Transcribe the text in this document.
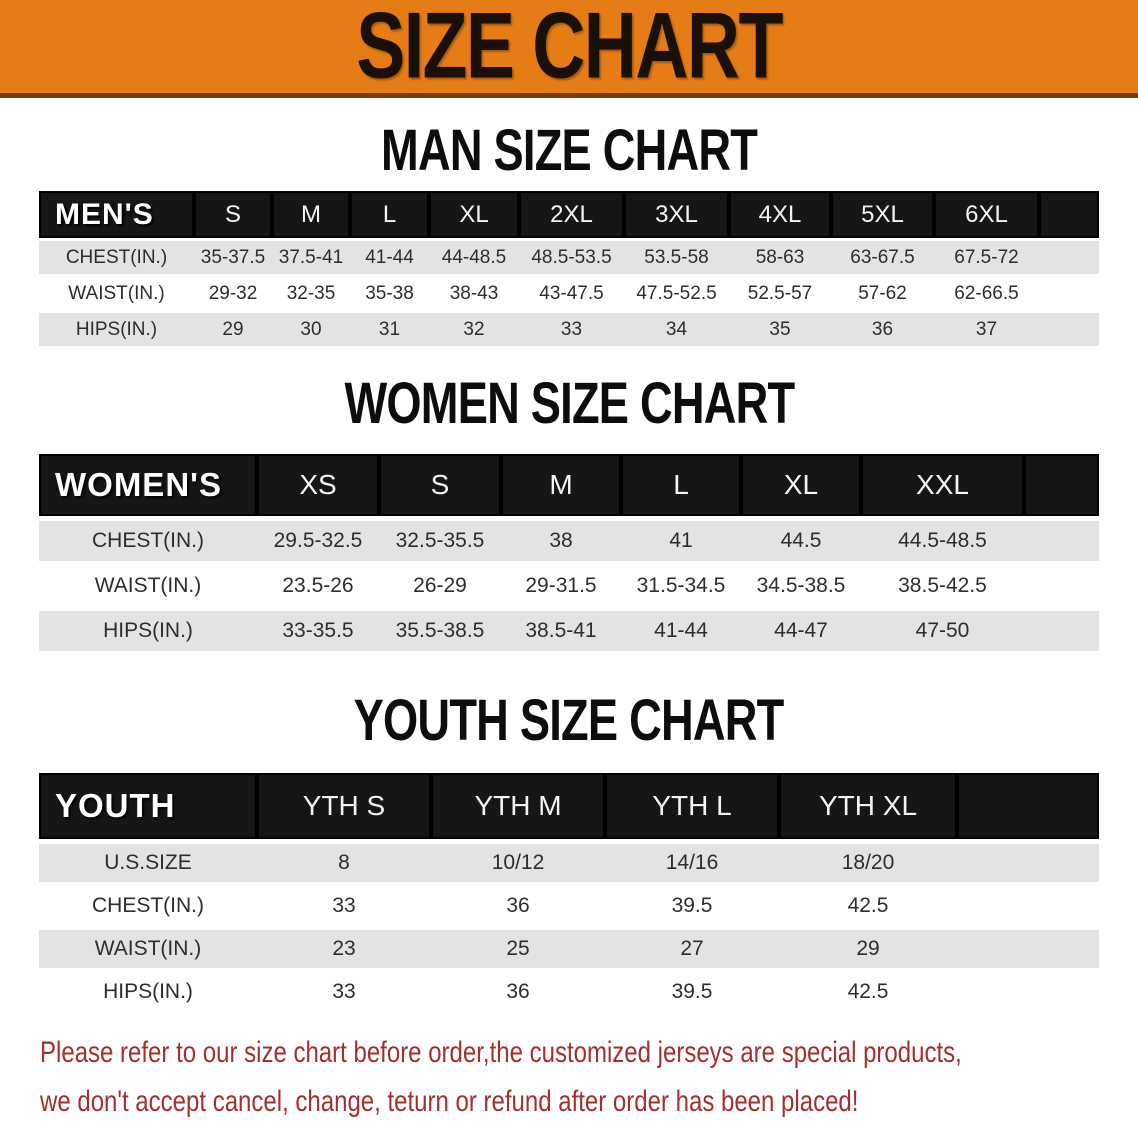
SIZE CHART
MAN SIZE CHART
MEN'S	S	M	L	XL	2XL	3XL	4XL	5XL	6XL	
CHEST(IN.)	35-37.5	37.5-41	41-44	44-48.5	48.5-53.5	53.5-58	58-63	63-67.5	67.5-72	
WAIST(IN.)	29-32	32-35	35-38	38-43	43-47.5	47.5-52.5	52.5-57	57-62	62-66.5	
HIPS(IN.)	29	30	31	32	33	34	35	36	37	
WOMEN SIZE CHART
WOMEN'S	XS	S	M	L	XL	XXL	
CHEST(IN.)	29.5-32.5	32.5-35.5	38	41	44.5	44.5-48.5	
WAIST(IN.)	23.5-26	26-29	29-31.5	31.5-34.5	34.5-38.5	38.5-42.5	
HIPS(IN.)	33-35.5	35.5-38.5	38.5-41	41-44	44-47	47-50	
YOUTH SIZE CHART
YOUTH	YTH S	YTH M	YTH L	YTH XL	
U.S.SIZE	8	10/12	14/16	18/20	
CHEST(IN.)	33	36	39.5	42.5	
WAIST(IN.)	23	25	27	29	
HIPS(IN.)	33	36	39.5	42.5	

Please refer to our size chart before order,the customized jerseys are special products,

we don't accept cancel, change, teturn or refund after order has been placed!
